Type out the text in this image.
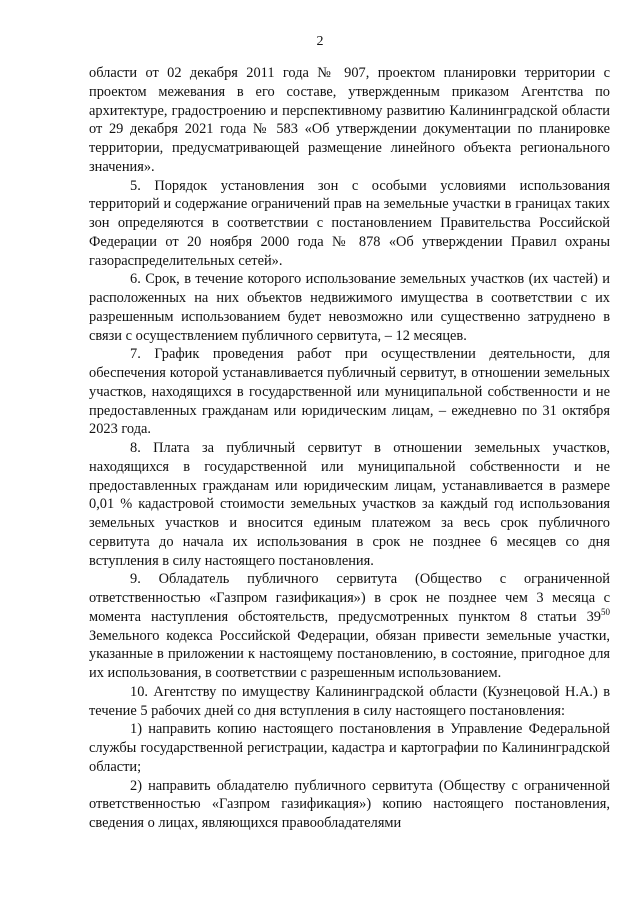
2

области от 02 декабря 2011 года № 907, проектом планировки территории с проектом межевания в его составе, утвержденным приказом Агентства по архитектуре, градостроению и перспективному развитию Калининградской области от 29 декабря 2021 года № 583 «Об утверждении документации по планировке территории, предусматривающей размещение линейного объекта регионального значения».

5. Порядок установления зон с особыми условиями использования территорий и содержание ограничений прав на земельные участки в границах таких зон определяются в соответствии с постановлением Правительства Российской Федерации от 20 ноября 2000 года № 878 «Об утверждении Правил охраны газораспределительных сетей».

6. Срок, в течение которого использование земельных участков (их частей) и расположенных на них объектов недвижимого имущества в соответствии с их разрешенным использованием будет невозможно или существенно затруднено в связи с осуществлением публичного сервитута, – 12 месяцев.

7. График проведения работ при осуществлении деятельности, для обеспечения которой устанавливается публичный сервитут, в отношении земельных участков, находящихся в государственной или муниципальной собственности и не предоставленных гражданам или юридическим лицам, – ежедневно по 31 октября 2023 года.

8. Плата за публичный сервитут в отношении земельных участков, находящихся в государственной или муниципальной собственности и не предоставленных гражданам или юридическим лицам, устанавливается в размере 0,01 % кадастровой стоимости земельных участков за каждый год использования земельных участков и вносится единым платежом за весь срок публичного сервитута до начала их использования в срок не позднее 6 месяцев со дня вступления в силу настоящего постановления.

9. Обладатель публичного сервитута (Общество с ограниченной ответственностью «Газпром газификация») в срок не позднее чем 3 месяца с момента наступления обстоятельств, предусмотренных пунктом 8 статьи $39^{50}$ Земельного кодекса Российской Федерации, обязан привести земельные участки, указанные в приложении к настоящему постановлению, в состояние, пригодное для их использования, в соответствии с разрешенным использованием.

10. Агентству по имуществу Калининградской области (Кузнецовой Н.А.) в течение 5 рабочих дней со дня вступления в силу настоящего постановления:

1) направить копию настоящего постановления в Управление Федеральной службы государственной регистрации, кадастра и картографии по Калининградской области;

2) направить обладателю публичного сервитута (Обществу с ограниченной ответственностью «Газпром газификация») копию настоящего постановления, сведения о лицах, являющихся правообладателями
